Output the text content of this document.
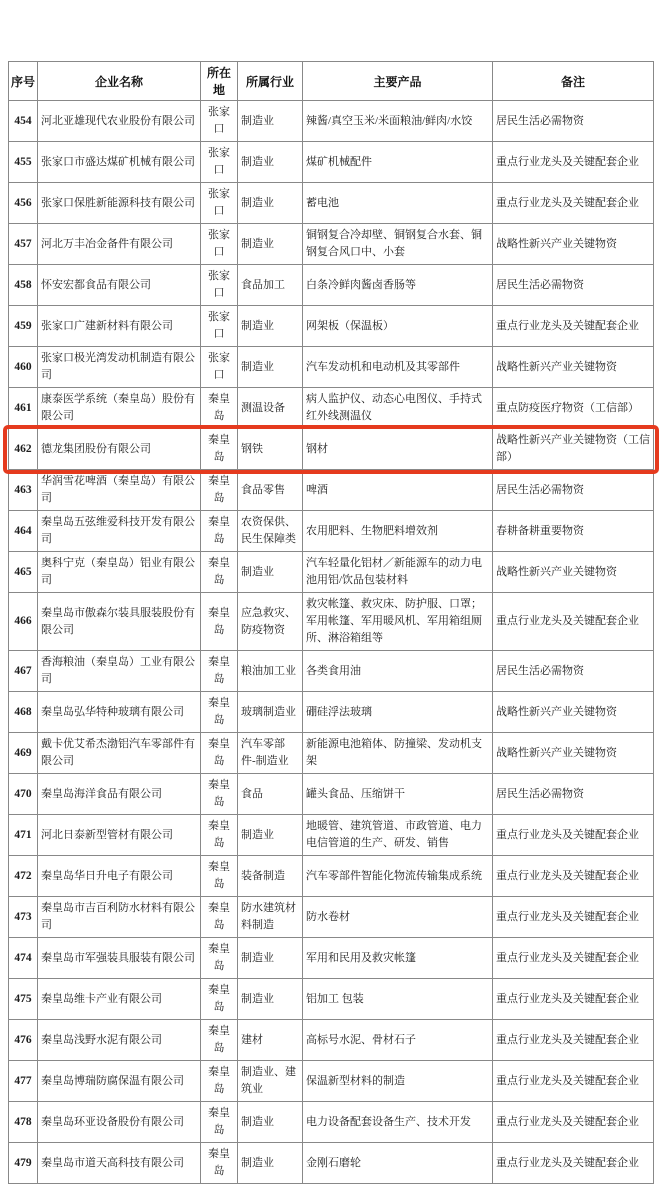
序号	企业名称	所在地	所属行业	主要产品	备注
454	河北亚雄现代农业股份有限公司	张家口	制造业	辣酱/真空玉米/米面粮油/鲜肉/水饺	居民生活必需物资
455	张家口市盛达煤矿机械有限公司	张家口	制造业	煤矿机械配件	重点行业龙头及关键配套企业
456	张家口保胜新能源科技有限公司	张家口	制造业	蓄电池	重点行业龙头及关键配套企业
457	河北万丰冶金备件有限公司	张家口	制造业	铜钢复合冷却壁、铜钢复合水套、铜钢复合风口中、小套	战略性新兴产业关键物资
458	怀安宏都食品有限公司	张家口	食品加工	白条冷鲜肉酱卤香肠等	居民生活必需物资
459	张家口广建新材料有限公司	张家口	制造业	网架板（保温板）	重点行业龙头及关键配套企业
460	张家口极光湾发动机制造有限公司	张家口	制造业	汽车发动机和电动机及其零部件	战略性新兴产业关键物资
461	康泰医学系统（秦皇岛）股份有限公司	秦皇岛	测温设备	病人监护仪、动态心电图仪、手持式红外线测温仪	重点防疫医疗物资（工信部）
462	德龙集团股份有限公司	秦皇岛	钢铁	钢材	战略性新兴产业关键物资（工信部）
463	华润雪花啤酒（秦皇岛）有限公司	秦皇岛	食品零售	啤酒	居民生活必需物资
464	秦皇岛五弦维爱科技开发有限公司	秦皇岛	农资保供、民生保障类	农用肥料、生物肥料增效剂	春耕备耕重要物资
465	奥科宁克（秦皇岛）铝业有限公司	秦皇岛	制造业	汽车轻量化铝材／新能源车的动力电池用铝/饮品包装材料	战略性新兴产业关键物资
466	秦皇岛市傲森尔装具服装股份有限公司	秦皇岛	应急救灾、防疫物资	救灾帐篷、救灾床、防护服、口罩；军用帐篷、军用暖风机、军用箱组厕所、淋浴箱组等	重点行业龙头及关键配套企业
467	香海粮油（秦皇岛）工业有限公司	秦皇岛	粮油加工业	各类食用油	居民生活必需物资
468	秦皇岛弘华特种玻璃有限公司	秦皇岛	玻璃制造业	硼硅浮法玻璃	战略性新兴产业关键物资
469	戴卡优艾希杰渤铝汽车零部件有限公司	秦皇岛	汽车零部件-制造业	新能源电池箱体、防撞梁、发动机支架	战略性新兴产业关键物资
470	秦皇岛海洋食品有限公司	秦皇岛	食品	罐头食品、压缩饼干	居民生活必需物资
471	河北日泰新型管材有限公司	秦皇岛	制造业	地暖管、建筑管道、市政管道、电力电信管道的生产、研发、销售	重点行业龙头及关键配套企业
472	秦皇岛华日升电子有限公司	秦皇岛	装备制造	汽车零部件智能化物流传输集成系统	重点行业龙头及关键配套企业
473	秦皇岛市吉百利防水材料有限公司	秦皇岛	防水建筑材料制造	防水卷材	重点行业龙头及关键配套企业
474	秦皇岛市军强装具服装有限公司	秦皇岛	制造业	军用和民用及救灾帐篷	重点行业龙头及关键配套企业
475	秦皇岛维卡产业有限公司	秦皇岛	制造业	铝加工 包装	重点行业龙头及关键配套企业
476	秦皇岛浅野水泥有限公司	秦皇岛	建材	高标号水泥、骨材石子	重点行业龙头及关键配套企业
477	秦皇岛博瑞防腐保温有限公司	秦皇岛	制造业、建筑业	保温新型材料的制造	重点行业龙头及关键配套企业
478	秦皇岛环亚设备股份有限公司	秦皇岛	制造业	电力设备配套设备生产、技术开发	重点行业龙头及关键配套企业
479	秦皇岛市道天高科技有限公司	秦皇岛	制造业	金刚石磨轮	重点行业龙头及关键配套企业
